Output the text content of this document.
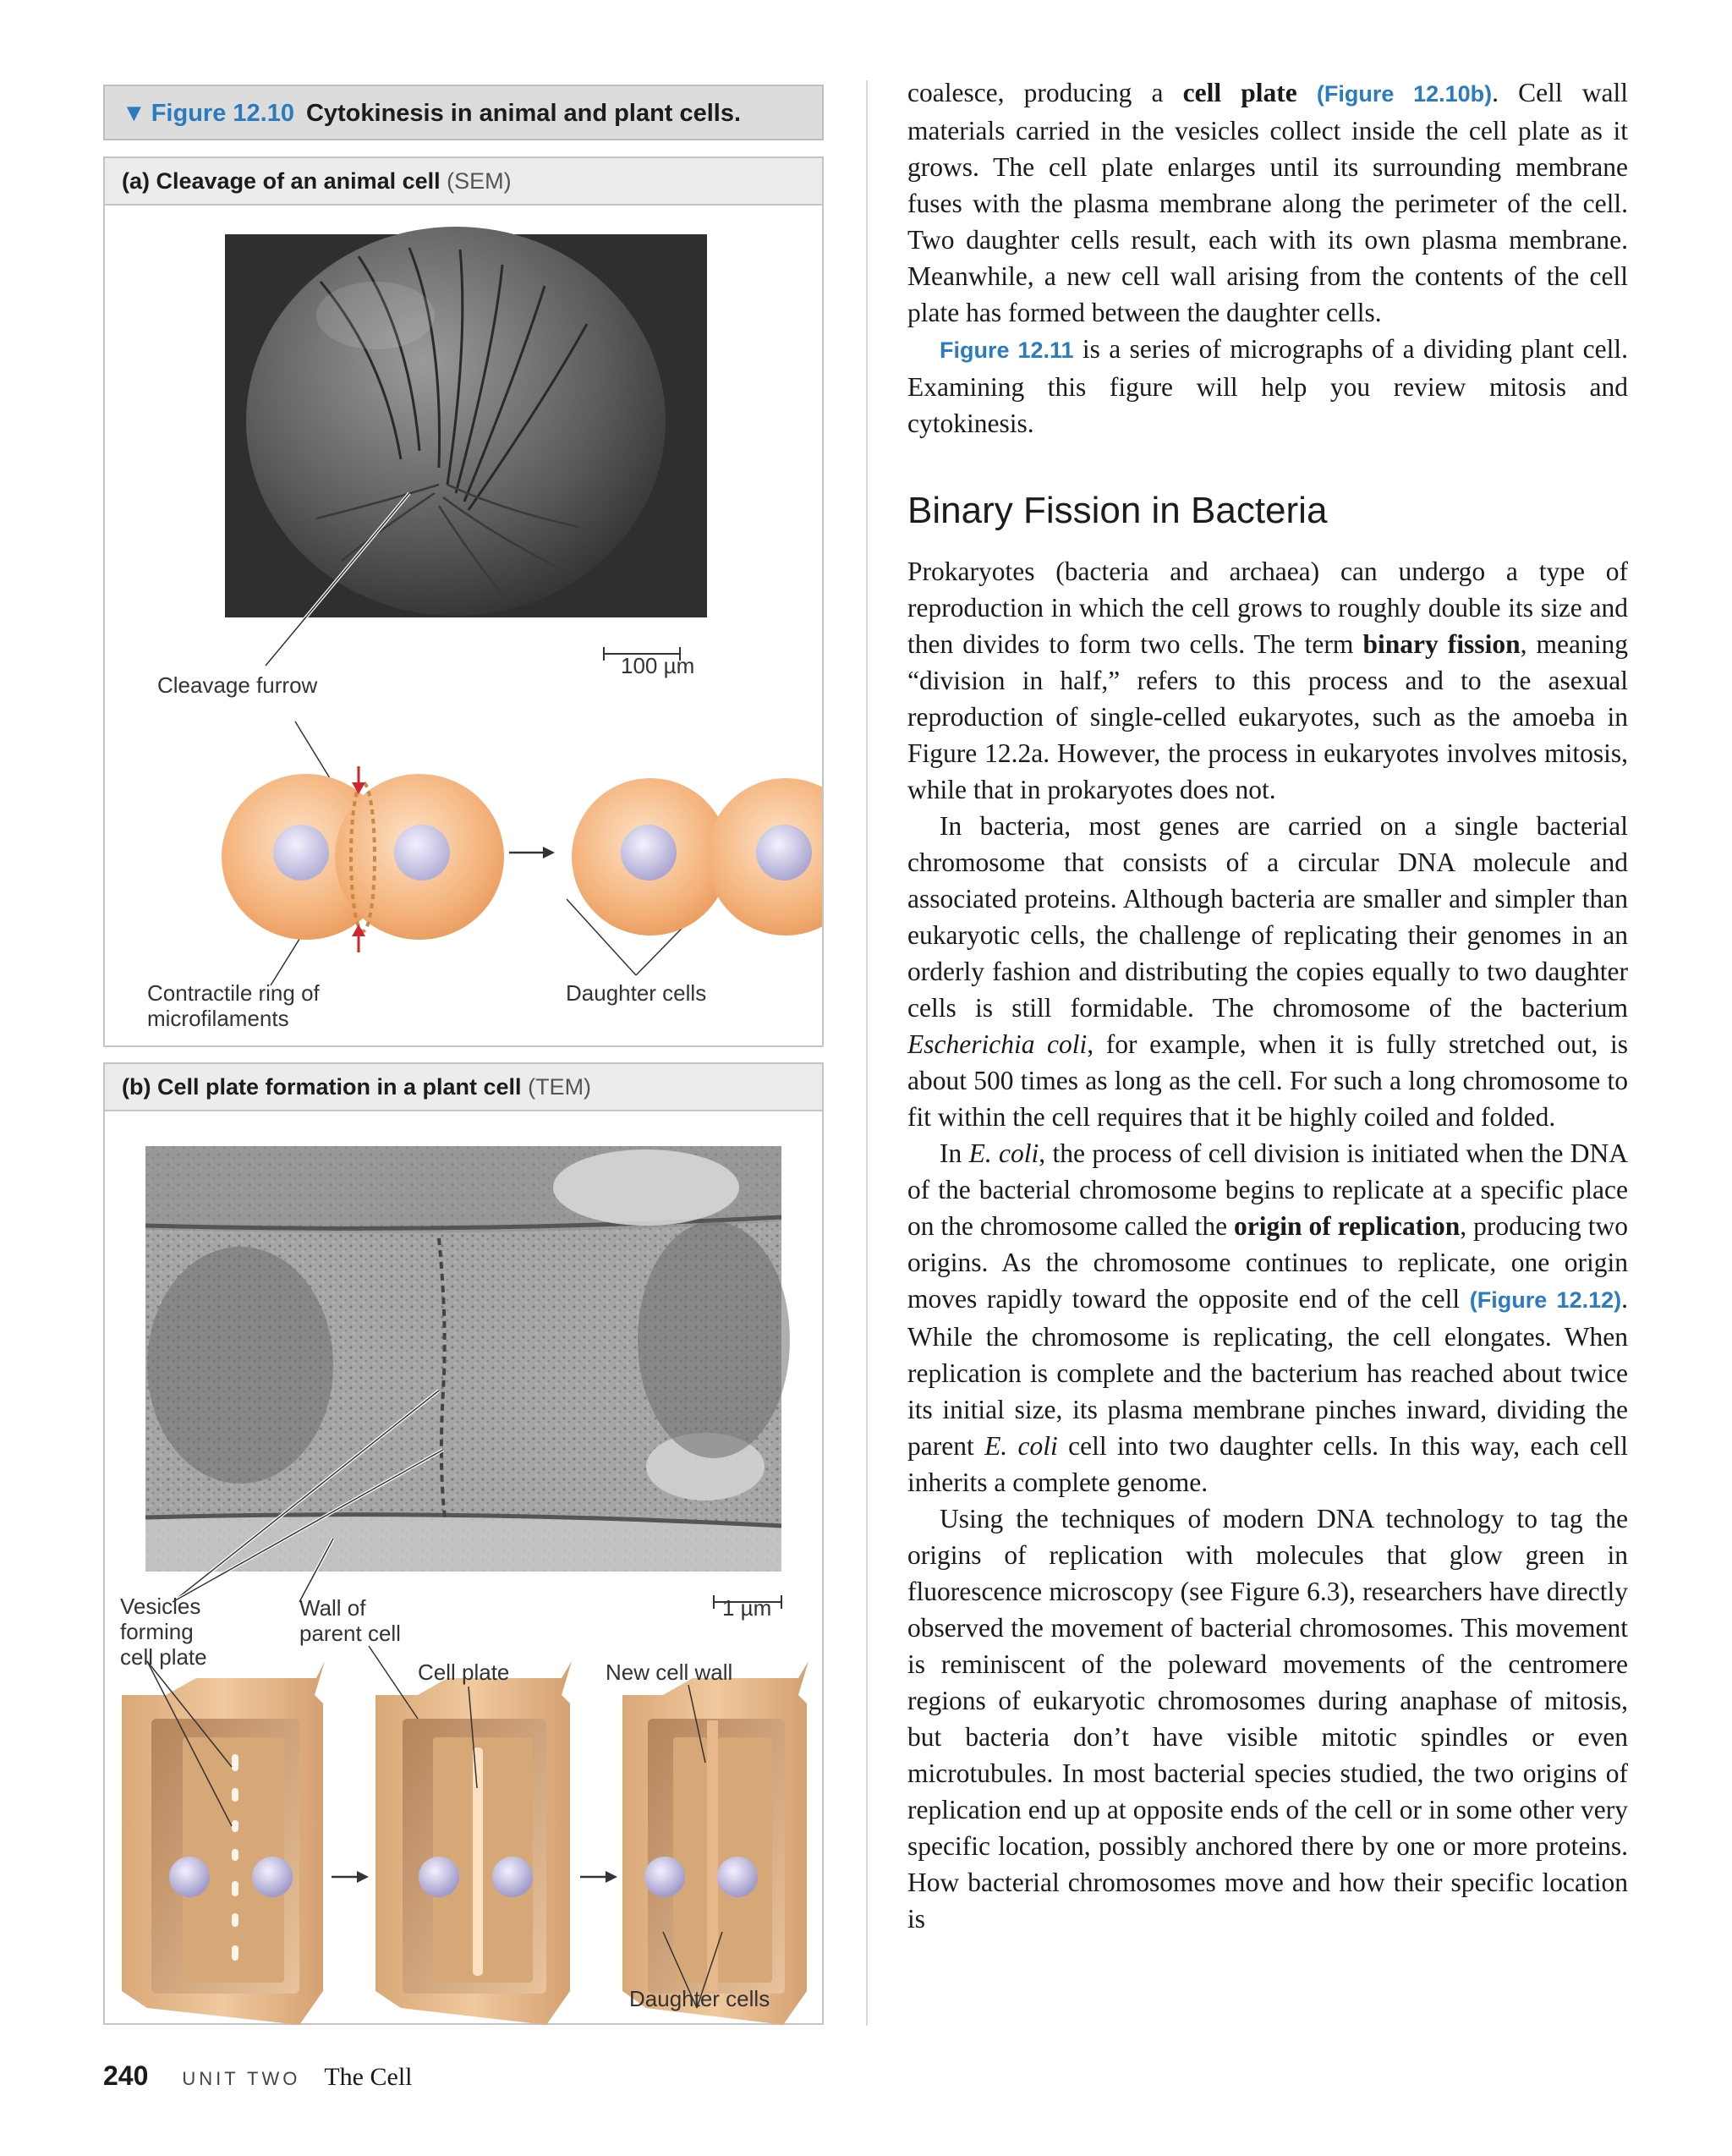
▼ Figure 12.10 Cytokinesis in animal and plant cells.
(a) Cleavage of an animal cell (SEM)
100 µm
Cleavage furrow
Contractile ring of
microfilaments
Daughter cells
(b) Cell plate formation in a plant cell (TEM)
1 µm
Vesicles
forming
cell plate
Wall of
parent cell
Cell plate	New cell wall
Daughter cells

coalesce, producing a cell plate (Figure 12.10b). Cell wall materials carried in the vesicles collect inside the cell plate as it grows. The cell plate enlarges until its surrounding membrane fuses with the plasma membrane along the perimeter of the cell. Two daughter cells result, each with its own plasma membrane. Meanwhile, a new cell wall arising from the contents of the cell plate has formed between the daughter cells.

Figure 12.11 is a series of micrographs of a dividing plant cell. Examining this figure will help you review mitosis and cytokinesis.

Binary Fission in Bacteria

Prokaryotes (bacteria and archaea) can undergo a type of reproduction in which the cell grows to roughly double its size and then divides to form two cells. The term binary fission, meaning “division in half,” refers to this process and to the asexual reproduction of single-celled eukaryotes, such as the amoeba in Figure 12.2a. However, the process in eukaryotes involves mitosis, while that in prokaryotes does not.

In bacteria, most genes are carried on a single bacterial chromosome that consists of a circular DNA molecule and associated proteins. Although bacteria are smaller and simpler than eukaryotic cells, the challenge of replicating their genomes in an orderly fashion and distributing the copies equally to two daughter cells is still formidable. The chromosome of the bacterium Escherichia coli, for example, when it is fully stretched out, is about 500 times as long as the cell. For such a long chromosome to fit within the cell requires that it be highly coiled and folded.

In E. coli, the process of cell division is initiated when the DNA of the bacterial chromosome begins to replicate at a specific place on the chromosome called the origin of replication, producing two origins. As the chromosome continues to replicate, one origin moves rapidly toward the opposite end of the cell (Figure 12.12). While the chromosome is replicating, the cell elongates. When replication is complete and the bacterium has reached about twice its initial size, its plasma membrane pinches inward, dividing the parent E. coli cell into two daughter cells. In this way, each cell inherits a complete genome.

Using the techniques of modern DNA technology to tag the origins of replication with molecules that glow green in fluorescence microscopy (see Figure 6.3), researchers have directly observed the movement of bacterial chromosomes. This movement is reminiscent of the poleward movements of the centromere regions of eukaryotic chromosomes during anaphase of mitosis, but bacteria don’t have visible mitotic spindles or even microtubules. In most bacterial species studied, the two origins of replication end up at opposite ends of the cell or in some other very specific location, possibly anchored there by one or more proteins. How bacterial chromosomes move and how their specific location is

240 UNIT TWO The Cell
